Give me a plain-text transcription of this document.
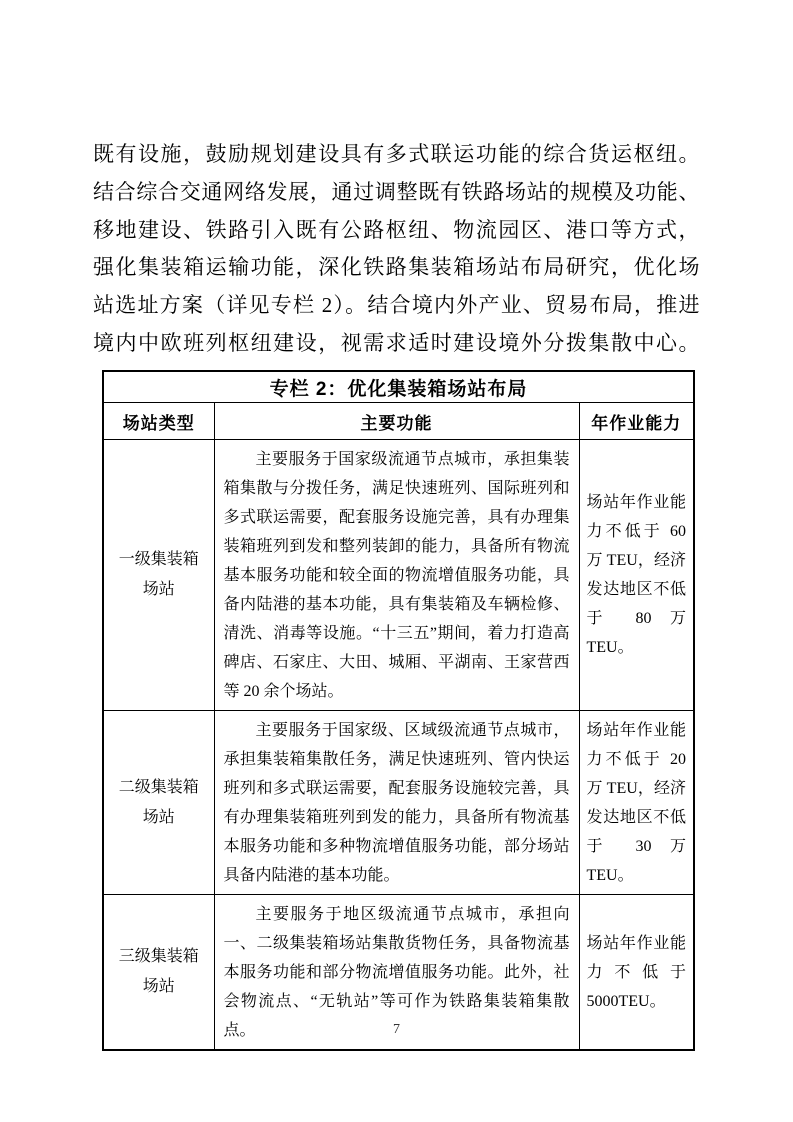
既有设施，鼓励规划建设具有多式联运功能的综合货运枢纽。
结合综合交通网络发展，通过调整既有铁路场站的规模及功能、
移地建设、铁路引入既有公路枢纽、物流园区、港口等方式，
强化集装箱运输功能，深化铁路集装箱场站布局研究，优化场
站选址方案（详见专栏 2）。结合境内外产业、贸易布局，推进
境内中欧班列枢纽建设，视需求适时建设境外分拨集散中心。
专栏 2：优化集装箱场站布局		
场站类型	主要功能	年作业能力

一级集装箱
场站	主要服务于国家级流通节点城市，承担集装箱集散与分拨任务，满足快速班列、国际班列和多式联运需要，配套服务设施完善，具有办理集装箱班列到发和整列装卸的能力，具备所有物流基本服务功能和较全面的物流增值服务功能，具备内陆港的基本功能，具有集装箱及车辆检修、清洗、消毒等设施。“十三五”期间，着力打造高碑店、石家庄、大田、城厢、平湖南、王家营西等 20 余个场站。	场站年作业能力不低于 60 万 TEU，经济发达地区不低于 80 万 TEU。

二级集装箱
场站	主要服务于国家级、区域级流通节点城市，承担集装箱集散任务，满足快速班列、管内快运班列和多式联运需要，配套服务设施较完善，具有办理集装箱班列到发的能力，具备所有物流基本服务功能和多种物流增值服务功能，部分场站具备内陆港的基本功能。	场站年作业能力不低于 20 万 TEU，经济发达地区不低于 30 万 TEU。

三级集装箱
场站	主要服务于地区级流通节点城市，承担向一、二级集装箱场站集散货物任务，具备物流基本服务功能和部分物流增值服务功能。此外，社会物流点、“无轨站”等可作为铁路集装箱集散点。	场站年作业能力不低于 5000TEU。
7
